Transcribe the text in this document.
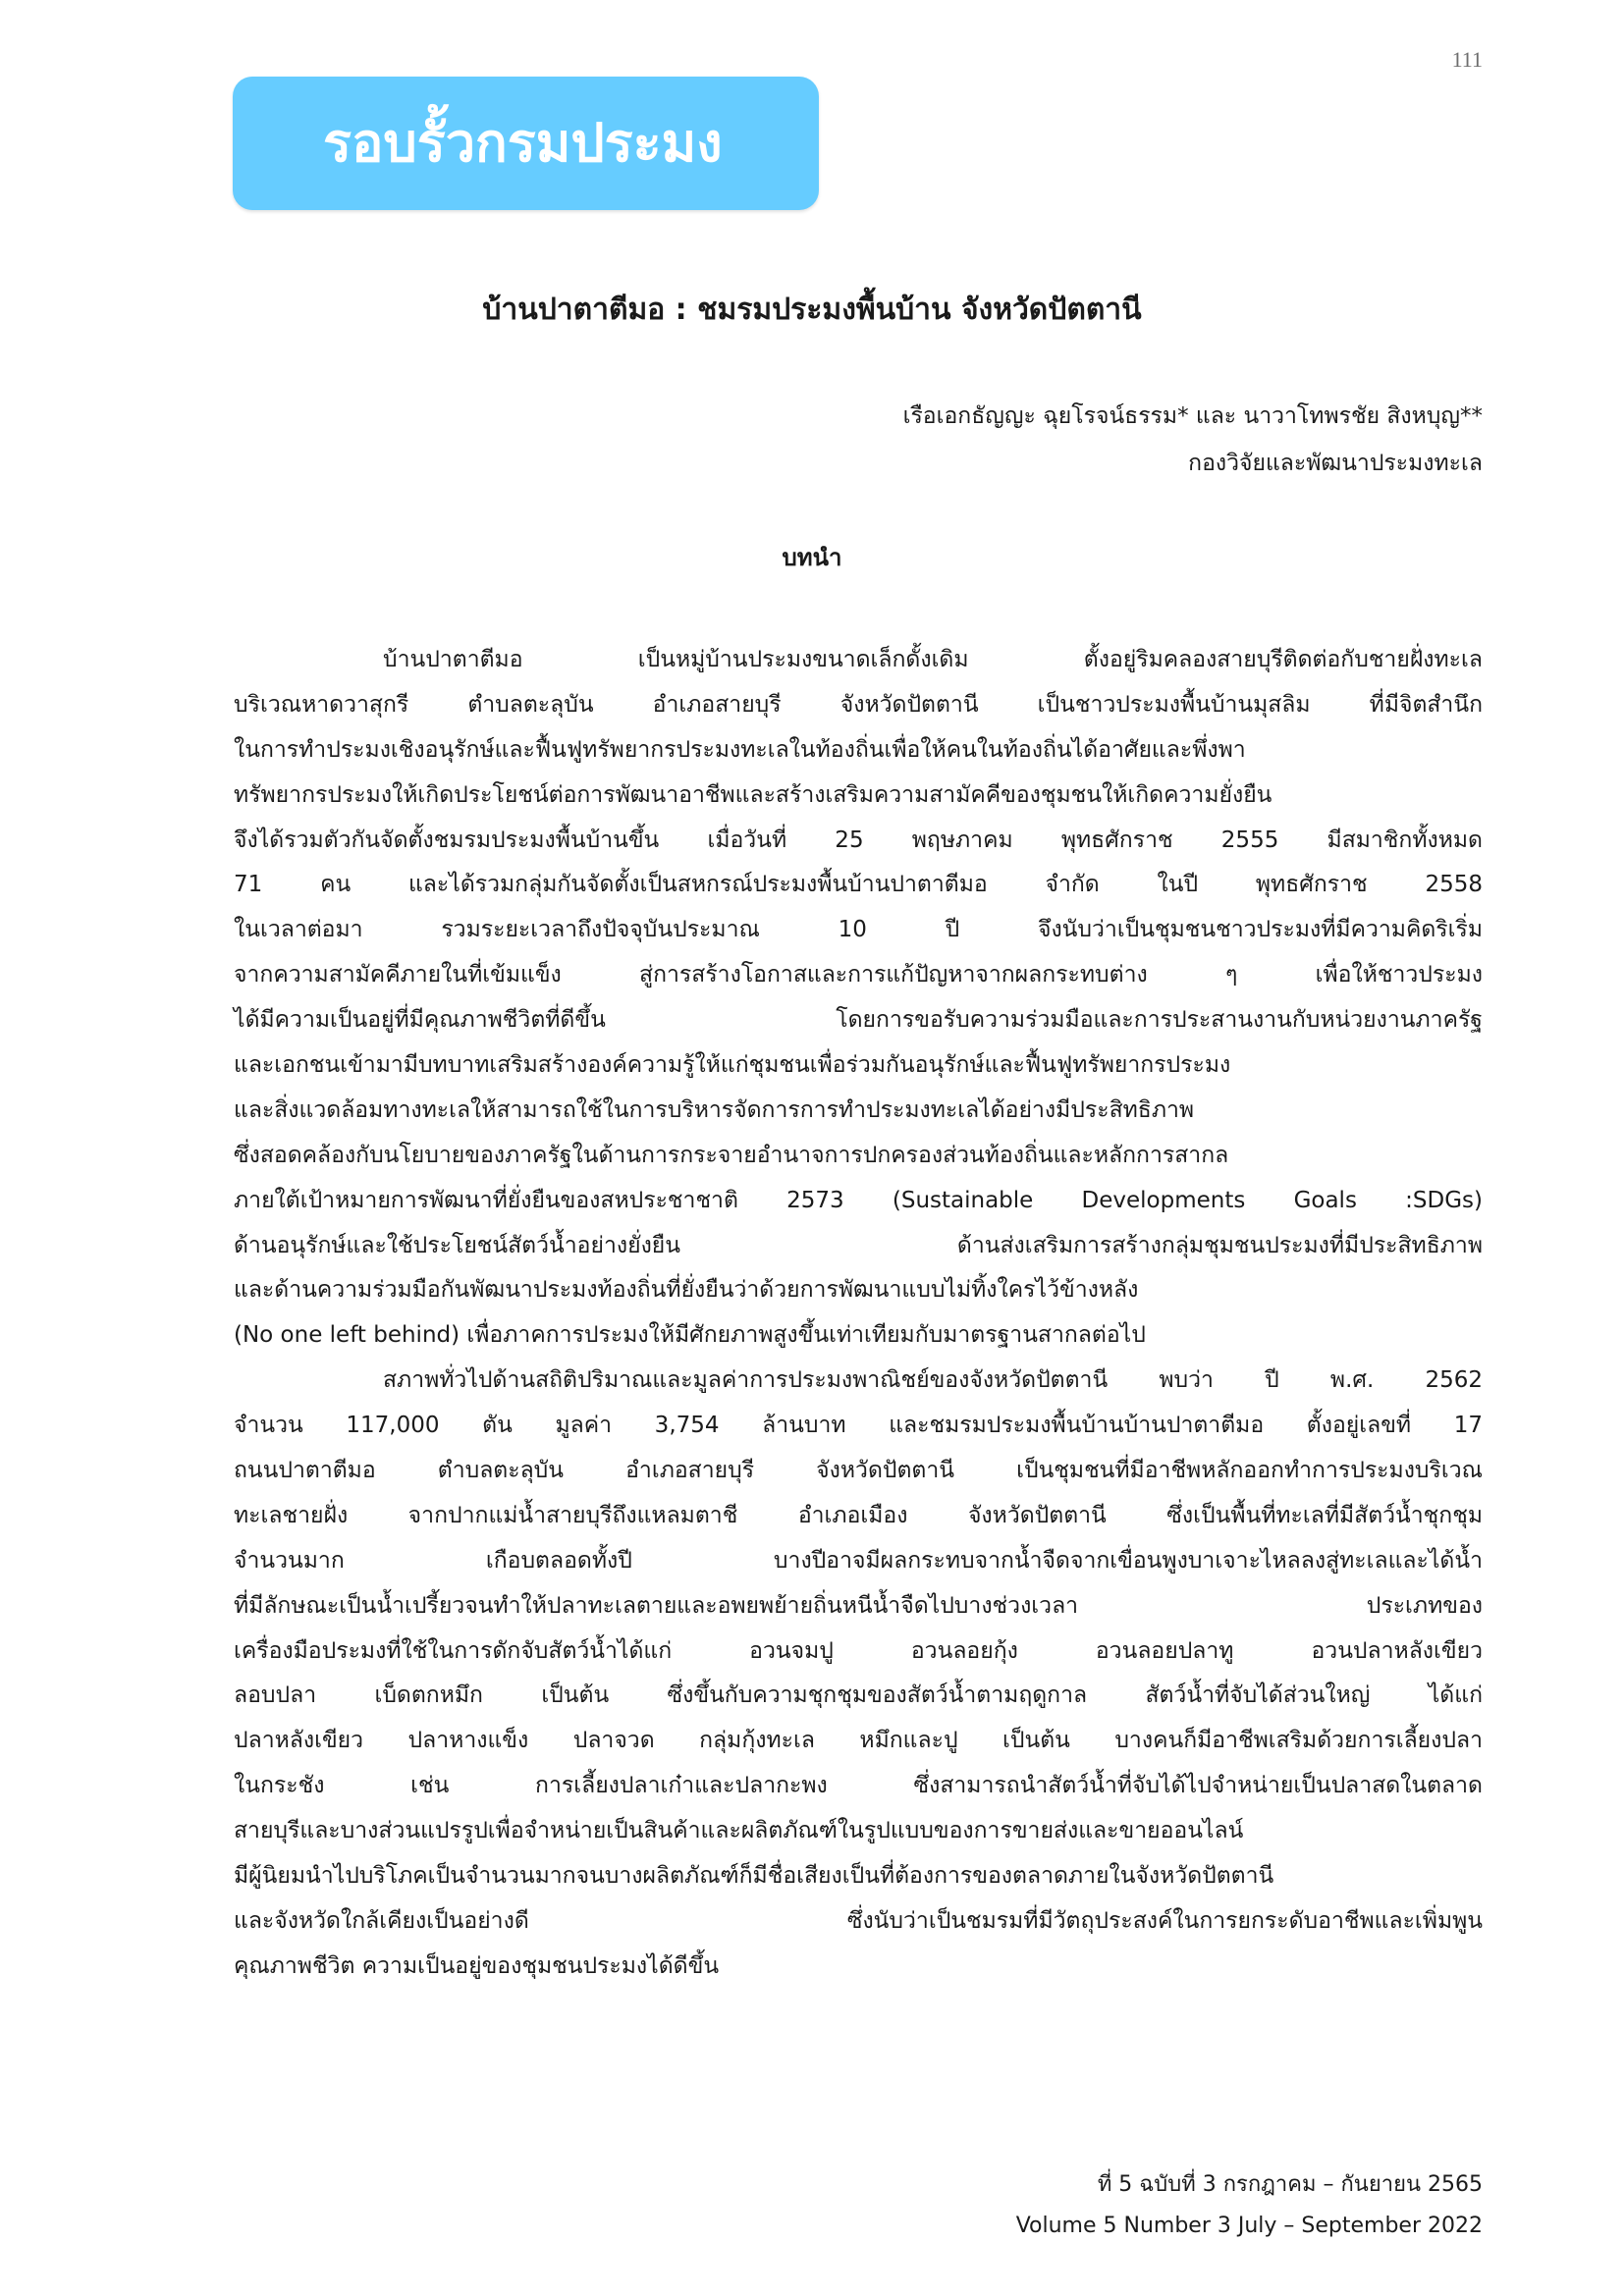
111
รอบรั้วกรมประมง
บ้านปาตาตีมอ : ชมรมประมงพื้นบ้าน จังหวัดปัตตานี
เรือเอกธัญญะ ฉุยโรจน์ธรรม* และ นาวาโทพรชัย สิงหบุญ**
กองวิจัยและพัฒนาประมงทะเล
บทนำ
บ้านปาตาตีมอ เป็นหมู่บ้านประมงขนาดเล็กดั้งเดิม ตั้งอยู่ริมคลองสายบุรีติดต่อกับชายฝั่งทะเล
บริเวณหาดวาสุกรี ตำบลตะลุบัน อำเภอสายบุรี จังหวัดปัตตานี เป็นชาวประมงพื้นบ้านมุสลิม ที่มีจิตสำนึก
ในการทำประมงเชิงอนุรักษ์และฟื้นฟูทรัพยากรประมงทะเลในท้องถิ่นเพื่อให้คนในท้องถิ่นได้อาศัยและพึ่งพา
ทรัพยากรประมงให้เกิดประโยชน์ต่อการพัฒนาอาชีพและสร้างเสริมความสามัคคีของชุมชนให้เกิดความยั่งยืน
จึงได้รวมตัวกันจัดตั้งชมรมประมงพื้นบ้านขึ้น เมื่อวันที่ 25 พฤษภาคม พุทธศักราช 2555 มีสมาชิกทั้งหมด
71 คน และได้รวมกลุ่มกันจัดตั้งเป็นสหกรณ์ประมงพื้นบ้านปาตาตีมอ จำกัด ในปี พุทธศักราช 2558
ในเวลาต่อมา รวมระยะเวลาถึงปัจจุบันประมาณ 10 ปี จึงนับว่าเป็นชุมชนชาวประมงที่มีความคิดริเริ่ม
จากความสามัคคีภายในที่เข้มแข็ง สู่การสร้างโอกาสและการแก้ปัญหาจากผลกระทบต่าง ๆ เพื่อให้ชาวประมง
ได้มีความเป็นอยู่ที่มีคุณภาพชีวิตที่ดีขึ้น โดยการขอรับความร่วมมือและการประสานงานกับหน่วยงานภาครัฐ
และเอกชนเข้ามามีบทบาทเสริมสร้างองค์ความรู้ให้แก่ชุมชนเพื่อร่วมกันอนุรักษ์และฟื้นฟูทรัพยากรประมง
และสิ่งแวดล้อมทางทะเลให้สามารถใช้ในการบริหารจัดการการทำประมงทะเลได้อย่างมีประสิทธิภาพ
ซึ่งสอดคล้องกับนโยบายของภาครัฐในด้านการกระจายอำนาจการปกครองส่วนท้องถิ่นและหลักการสากล
ภายใต้เป้าหมายการพัฒนาที่ยั่งยืนของสหประชาชาติ 2573 (Sustainable Developments Goals :SDGs)
ด้านอนุรักษ์และใช้ประโยชน์สัตว์น้ำอย่างยั่งยืน ด้านส่งเสริมการสร้างกลุ่มชุมชนประมงที่มีประสิทธิภาพ
และด้านความร่วมมือกันพัฒนาประมงท้องถิ่นที่ยั่งยืนว่าด้วยการพัฒนาแบบไม่ทิ้งใครไว้ข้างหลัง
(No one left behind) เพื่อภาคการประมงให้มีศักยภาพสูงขึ้นเท่าเทียมกับมาตรฐานสากลต่อไป
สภาพทั่วไปด้านสถิติปริมาณและมูลค่าการประมงพาณิชย์ของจังหวัดปัตตานี พบว่า ปี พ.ศ. 2562
จำนวน 117,000 ตัน มูลค่า 3,754 ล้านบาท และชมรมประมงพื้นบ้านบ้านปาตาตีมอ ตั้งอยู่เลขที่ 17
ถนนปาตาตีมอ ตำบลตะลุบัน อำเภอสายบุรี จังหวัดปัตตานี เป็นชุมชนที่มีอาชีพหลักออกทำการประมงบริเวณ
ทะเลชายฝั่ง จากปากแม่น้ำสายบุรีถึงแหลมตาชี อำเภอเมือง จังหวัดปัตตานี ซึ่งเป็นพื้นที่ทะเลที่มีสัตว์น้ำชุกชุม
จำนวนมาก เกือบตลอดทั้งปี บางปีอาจมีผลกระทบจากน้ำจืดจากเขื่อนพูงบาเจาะไหลลงสู่ทะเลและได้น้ำ
ที่มีลักษณะเป็นน้ำเปรี้ยวจนทำให้ปลาทะเลตายและอพยพย้ายถิ่นหนีน้ำจืดไปบางช่วงเวลา ประเภทของ
เครื่องมือประมงที่ใช้ในการดักจับสัตว์น้ำได้แก่ อวนจมปู อวนลอยกุ้ง อวนลอยปลาทู อวนปลาหลังเขียว
ลอบปลา เบ็ดตกหมึก เป็นต้น ซึ่งขึ้นกับความชุกชุมของสัตว์น้ำตามฤดูกาล สัตว์น้ำที่จับได้ส่วนใหญ่ ได้แก่
ปลาหลังเขียว ปลาหางแข็ง ปลาจวด กลุ่มกุ้งทะเล หมึกและปู เป็นต้น บางคนก็มีอาชีพเสริมด้วยการเลี้ยงปลา
ในกระชัง เช่น การเลี้ยงปลาเก๋าและปลากะพง ซึ่งสามารถนำสัตว์น้ำที่จับได้ไปจำหน่ายเป็นปลาสดในตลาด
สายบุรีและบางส่วนแปรรูปเพื่อจำหน่ายเป็นสินค้าและผลิตภัณฑ์ในรูปแบบของการขายส่งและขายออนไลน์
มีผู้นิยมนำไปบริโภคเป็นจำนวนมากจนบางผลิตภัณฑ์ก็มีชื่อเสียงเป็นที่ต้องการของตลาดภายในจังหวัดปัตตานี
และจังหวัดใกล้เคียงเป็นอย่างดี ซึ่งนับว่าเป็นชมรมที่มีวัตถุประสงค์ในการยกระดับอาชีพและเพิ่มพูน
คุณภาพชีวิต ความเป็นอยู่ของชุมชนประมงได้ดีขึ้น
ที่ 5 ฉบับที่ 3 กรกฎาคม – กันยายน 2565
Volume 5 Number 3 July – September 2022
